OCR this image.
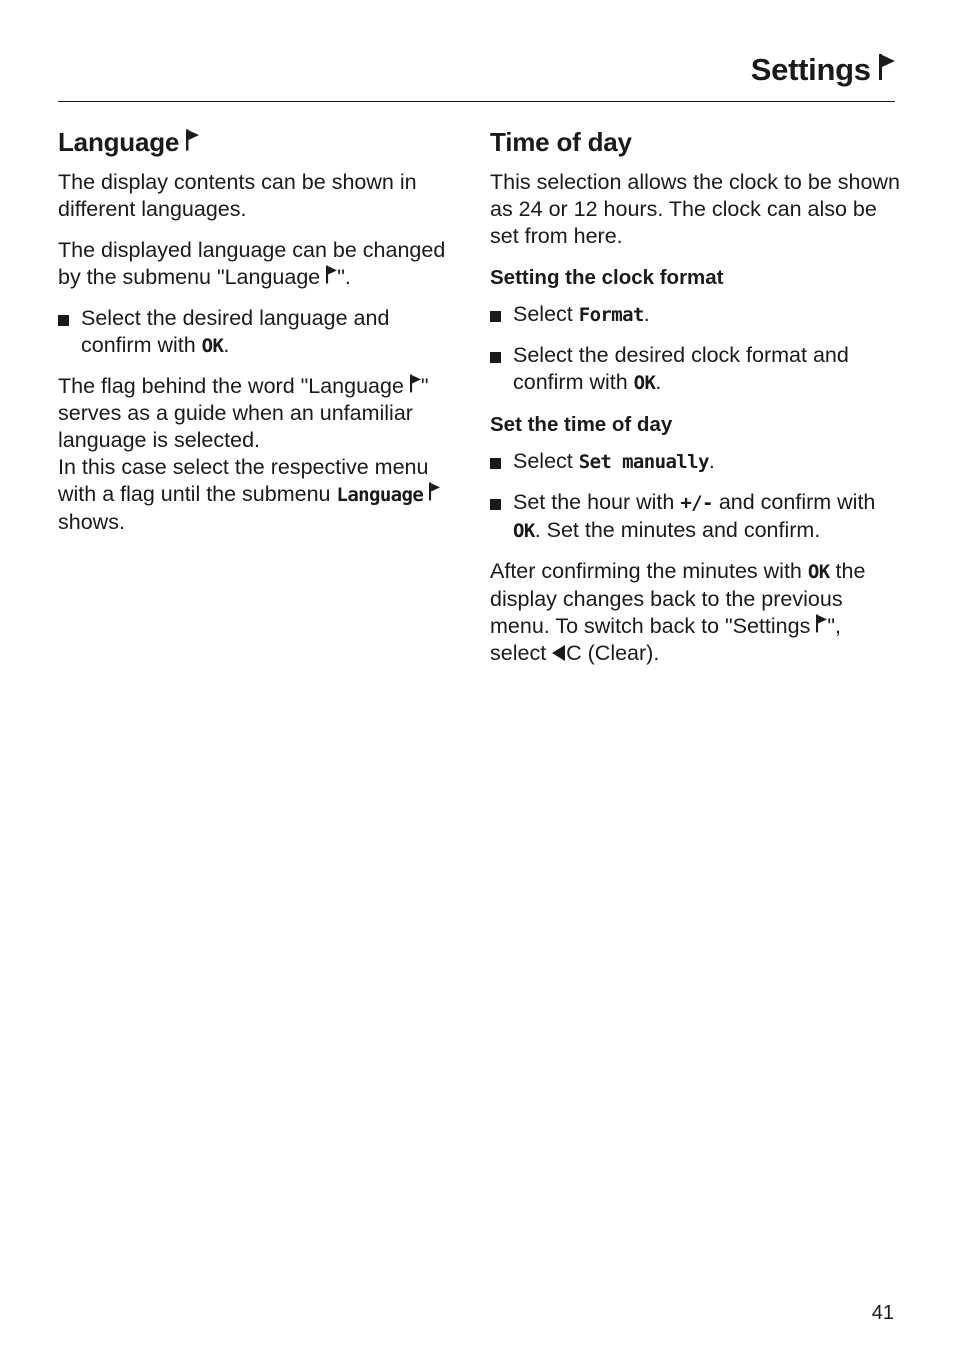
Settings
Language

The display contents can be shown in different languages.

The displayed language can be changed by the submenu "Language
".

Select the desired language and confirm with OK.

The flag behind the word "Language
" serves as a guide when an unfamiliar language is selected.

In this case select the respective menu with a flag until the submenu Language
shows.

Time of day

This selection allows the clock to be shown as 24 or 12 hours. The clock can also be set from here.

Setting the clock format
Select Format.
Select the desired clock format and confirm with OK.
Set the time of day
Select Set manually.
Set the hour with +/- and confirm with OK. Set the minutes and confirm.

After confirming the minutes with OK the display changes back to the previous menu. To switch back to "Settings
", select C (Clear).

41
